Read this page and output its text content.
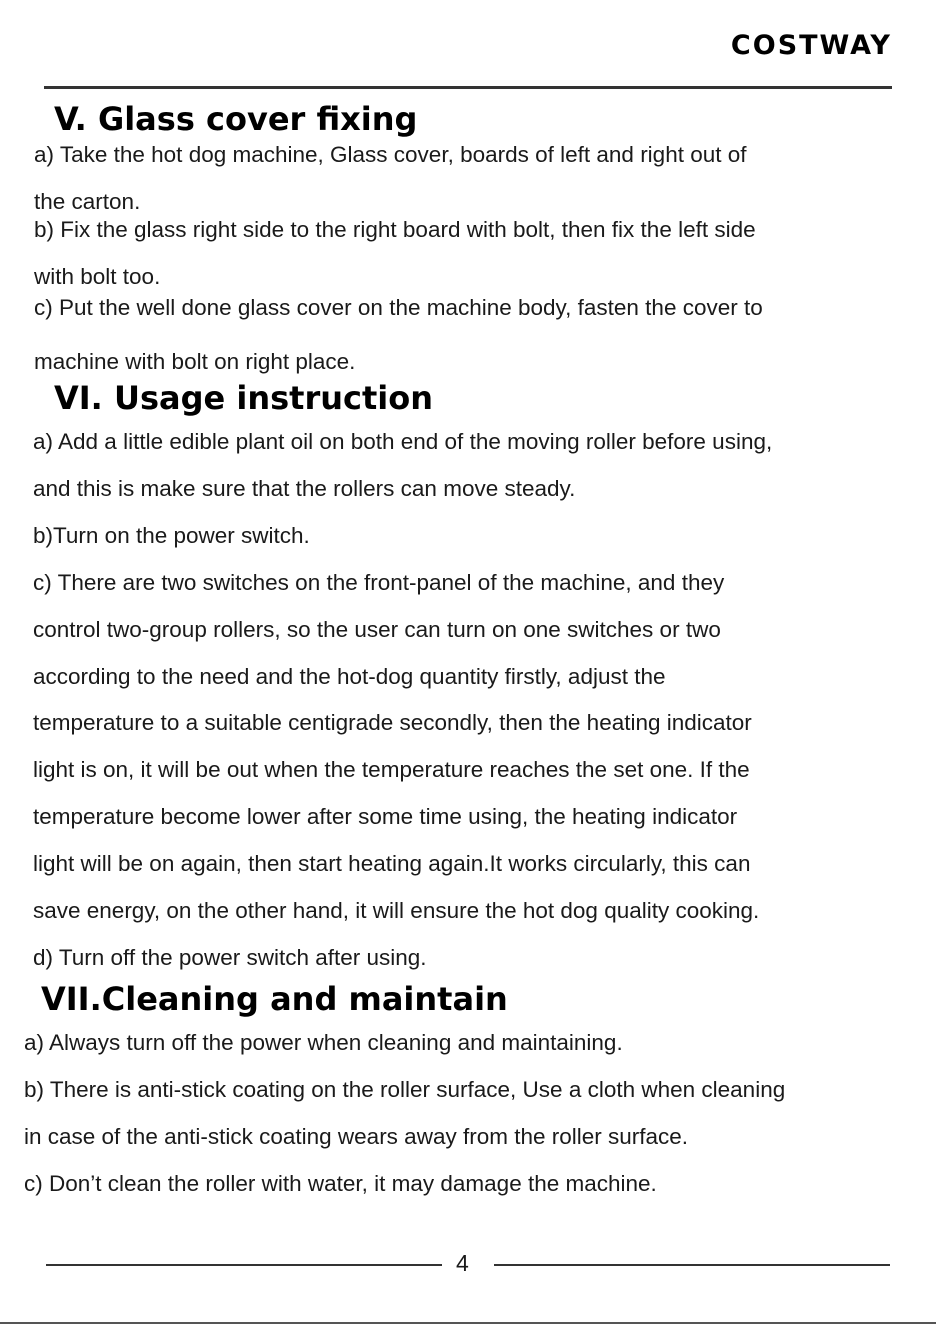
COSTWAY
V. Glass cover fixing
a) Take the hot dog machine, Glass cover, boards of left and right out of
the carton.
b) Fix the glass right side to the right board with bolt, then fix the left side
with bolt too.
c) Put the well done glass cover on the machine body, fasten the cover to
machine with bolt on right place.
VI. Usage instruction
a) Add a little edible plant oil on both end of the moving roller before using,
and this is make sure that the rollers can move steady.
b)Turn on the power switch.
c) There are two switches on the front-panel of the machine, and they
control two-group rollers, so the user can turn on one switches or two
according to the need and the hot-dog quantity firstly, adjust the
temperature to a suitable centigrade secondly, then the heating indicator
light is on, it will be out when the temperature reaches the set one. If the
temperature become lower after some time using, the heating indicator
light will be on again, then start heating again.It works circularly, this can
save energy, on the other hand, it will ensure the hot dog quality cooking.
d) Turn off the power switch after using.
VII.Cleaning and maintain
a) Always turn off the power when cleaning and maintaining.
b) There is anti-stick coating on the roller surface, Use a cloth when cleaning
in case of the anti-stick coating wears away from the roller surface.
c) Don’t clean the roller with water, it may damage the machine.
4
